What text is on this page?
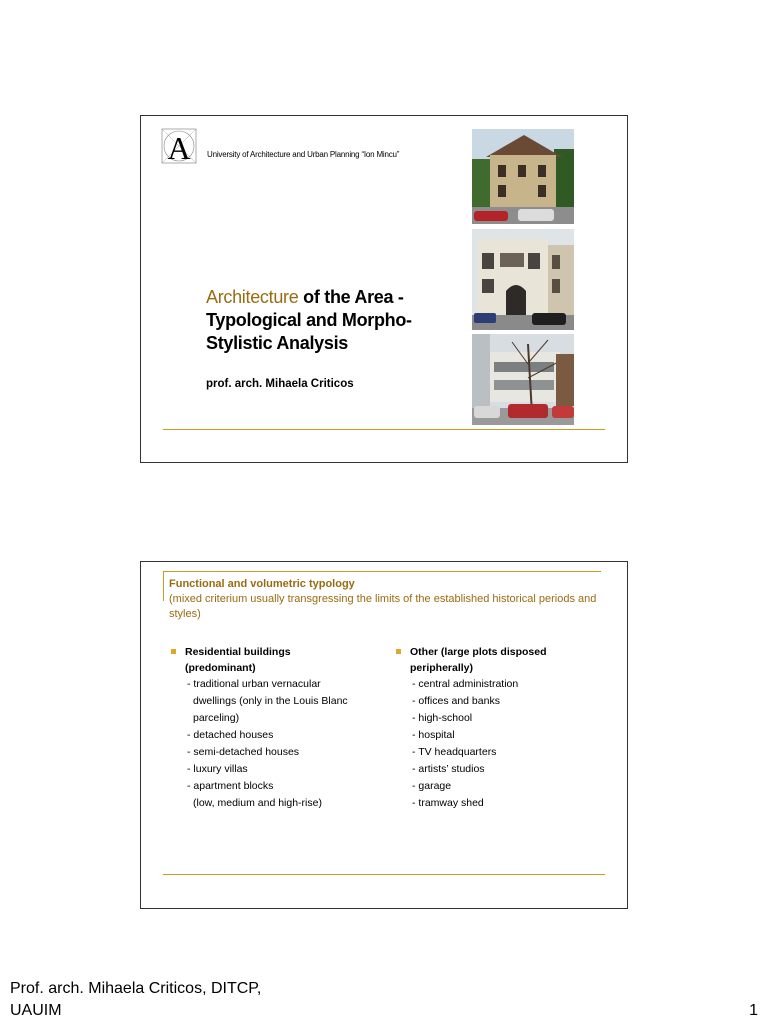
A University of Architecture and Urban Planning “Ion Mincu”
Architecture of the Area -
Typological and Morpho-
Stylistic Analysis
prof. arch. Mihaela Criticos
Functional and volumetric typology
(mixed criterium usually transgressing the limits of the established historical periods and styles)
Residential buildings
(predominant)
- traditional urban vernacular
dwellings (only in the Louis Blanc
parceling)
- detached houses
- semi-detached houses
- luxury villas
- apartment blocks
(low, medium and high-rise)
Other (large plots disposed
peripherally)
- central administration
- offices and banks
- high-school
- hospital
- TV headquarters
- artists’ studios
- garage
- tramway shed
Prof. arch. Mihaela Criticos, DITCP,
UAUIM	1
